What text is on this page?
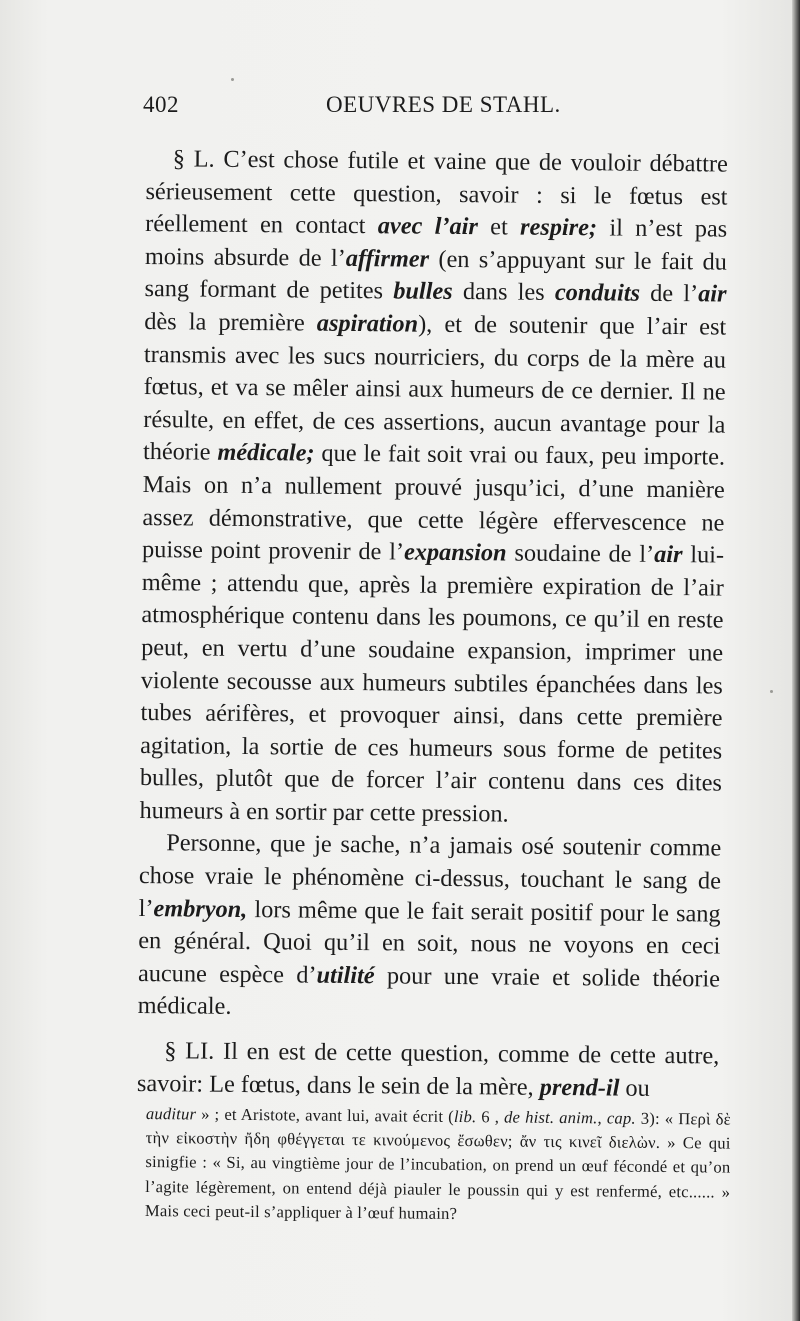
402	OEUVRES DE STAHL.

§ L. C’est chose futile et vaine que de vouloir débattre sérieusement cette question, savoir : si le fœtus est réellement en contact avec l’air et respire; il n’est pas moins absurde de l’affirmer (en s’appuyant sur le fait du sang formant de petites bulles dans les conduits de l’air dès la première aspiration), et de soutenir que l’air est transmis avec les sucs nourriciers, du corps de la mère au fœtus, et va se mêler ainsi aux humeurs de ce dernier. Il ne résulte, en effet, de ces assertions, aucun avantage pour la théorie médicale; que le fait soit vrai ou faux, peu importe. Mais on n’a nullement prouvé jusqu’ici, d’une manière assez démonstrative, que cette légère effervescence ne puisse point provenir de l’expansion soudaine de l’air lui-même ; attendu que, après la première expiration de l’air atmosphérique contenu dans les poumons, ce qu’il en reste peut, en vertu d’une soudaine expansion, imprimer une violente secousse aux humeurs subtiles épanchées dans les tubes aérifères, et provoquer ainsi, dans cette première agitation, la sortie de ces humeurs sous forme de petites bulles, plutôt que de forcer l’air contenu dans ces dites humeurs à en sortir par cette pression.

Personne, que je sache, n’a jamais osé soutenir comme chose vraie le phénomène ci-dessus, touchant le sang de l’embryon, lors même que le fait serait positif pour le sang en général. Quoi qu’il en soit, nous ne voyons en ceci aucune espèce d’utilité pour une vraie et solide théorie médicale.

§ LI. Il en est de cette question, comme de cette autre, savoir: Le fœtus, dans le sein de la mère, prend-il ou

auditur » ; et Aristote, avant lui, avait écrit (lib. 6 , de hist. anim., cap. 3): « Περὶ δὲ τὴν εἰκοστὴν ἤδη φθέγγεται τε κινούμενος ἔσωθεν; ἄν τις κινεῖ διελὼν. » Ce qui sinigfie : « Si, au vingtième jour de l’incubation, on prend un œuf fécondé et qu’on l’agite légèrement, on entend déjà piauler le poussin qui y est renfermé, etc...... » Mais ceci peut-il s’appliquer à l’œuf humain?
